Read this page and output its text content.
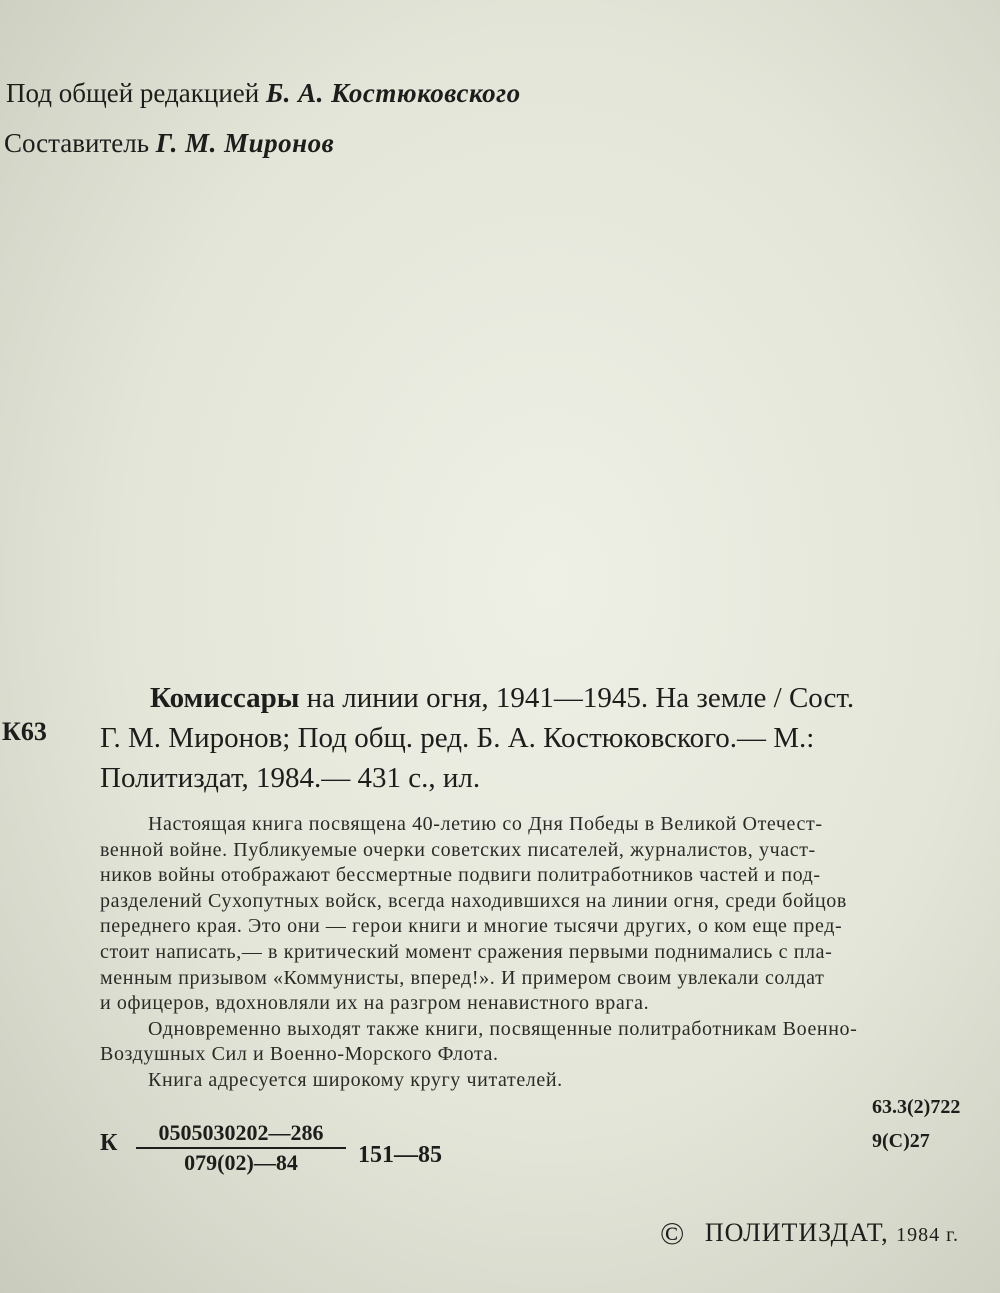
Под общей редакцией Б. А. Костюковского
Составитель Г. М. Миронов
К63
Комиссары на линии огня, 1941—1945. На земле / Сост.
Г. М. Миронов; Под общ. ред. Б. А. Костюковского.— М.:
Политиздат, 1984.— 431 с., ил.
Настоящая книга посвящена 40-летию со Дня Победы в Великой Отечест-
венной войне. Публикуемые очерки советских писателей, журналистов, участ-
ников войны отображают бессмертные подвиги политработников частей и под-
разделений Сухопутных войск, всегда находившихся на линии огня, среди бойцов
переднего края. Это они — герои книги и многие тысячи других, о ком еще пред-
стоит написать,— в критический момент сражения первыми поднимались с пла-
менным призывом «Коммунисты, вперед!». И примером своим увлекали солдат
и офицеров, вдохновляли их на разгром ненавистного врага.
Одновременно выходят также книги, посвященные политработникам Военно-
Воздушных Сил и Военно-Морского Флота.
Книга адресуется широкому кругу читателей.
К	0505030202—286
079(02)—84	151—85
63.3(2)722
9(С)27
© ПОЛИТИЗДАТ, 1984 г.
